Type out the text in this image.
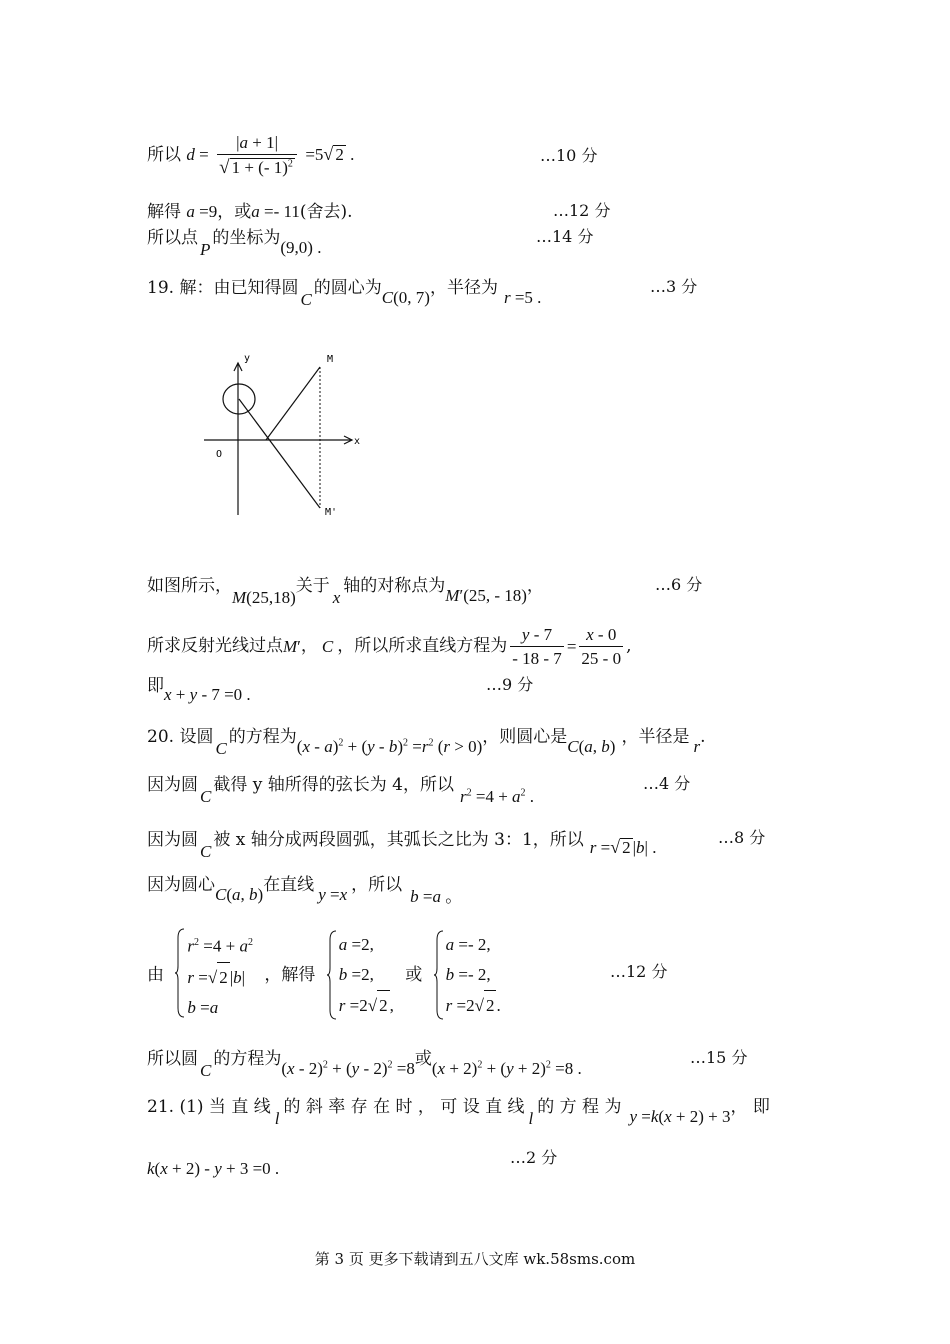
所以 $d = \frac{|a + 1|}{√ 1 + (- 1)^2} =5√$ 2 .	…10 分
解得 a =9，或a =- 11(舍去).	…12 分
所以点P的坐标为(9,0) .
…14 分
19. 解：由已知得圆C的圆心为C(0, 7)，半径为 r =5 .
…3 分
y
x
O
M
M'
如图所示，M(25,18)关于x轴的对称点为M′(25, - 18)，	…6 分
所求反射光线过点M′， C ，所以所求直线方程为 $\frac{y - 7}{- 18 - 7} = \frac{x - 0}{25 - 0}$ ,
即x + y - 7 =0 .
…9 分
20. 设圆C的方程为$(x - a)^2 + (y - b)^2 =r^2$ (r > 0)，则圆心是C(a, b) ，半径是 r.
因为圆C截得 y 轴所得的弦长为 4，所以$r^2 =4 + a^2$ .
…4 分
因为圆C被 x 轴分成两段圆弧，其弧长之比为 3：1，所以 r =√ 2 |b| .
…8 分
因为圆心C(a, b)在直线 y =x ，所以b =a 。
由
$r^2 =4 + a^2$
r =√ 2 |b|
b =a
，解得
a =2,
b =2,
r =2√ 2 ,
或
a =- 2,
b =- 2,
r =2√ 2 .
…12 分
所以圆C的方程为(x - 2)$^2$ + (y - 2)$^2$ =8或$(x + 2)^2 + (y + 2)^2 =8$ .
…15 分
21. (1) 当 直 线l的 斜 率 存 在 时 ， 可 设 直 线l的 方 程 为 y =k(x + 2) + 3， 即
k(x + 2) - y + 3 =0 .
…2 分
第 3 页 更多下载请到五八文库 wk.58sms.com
